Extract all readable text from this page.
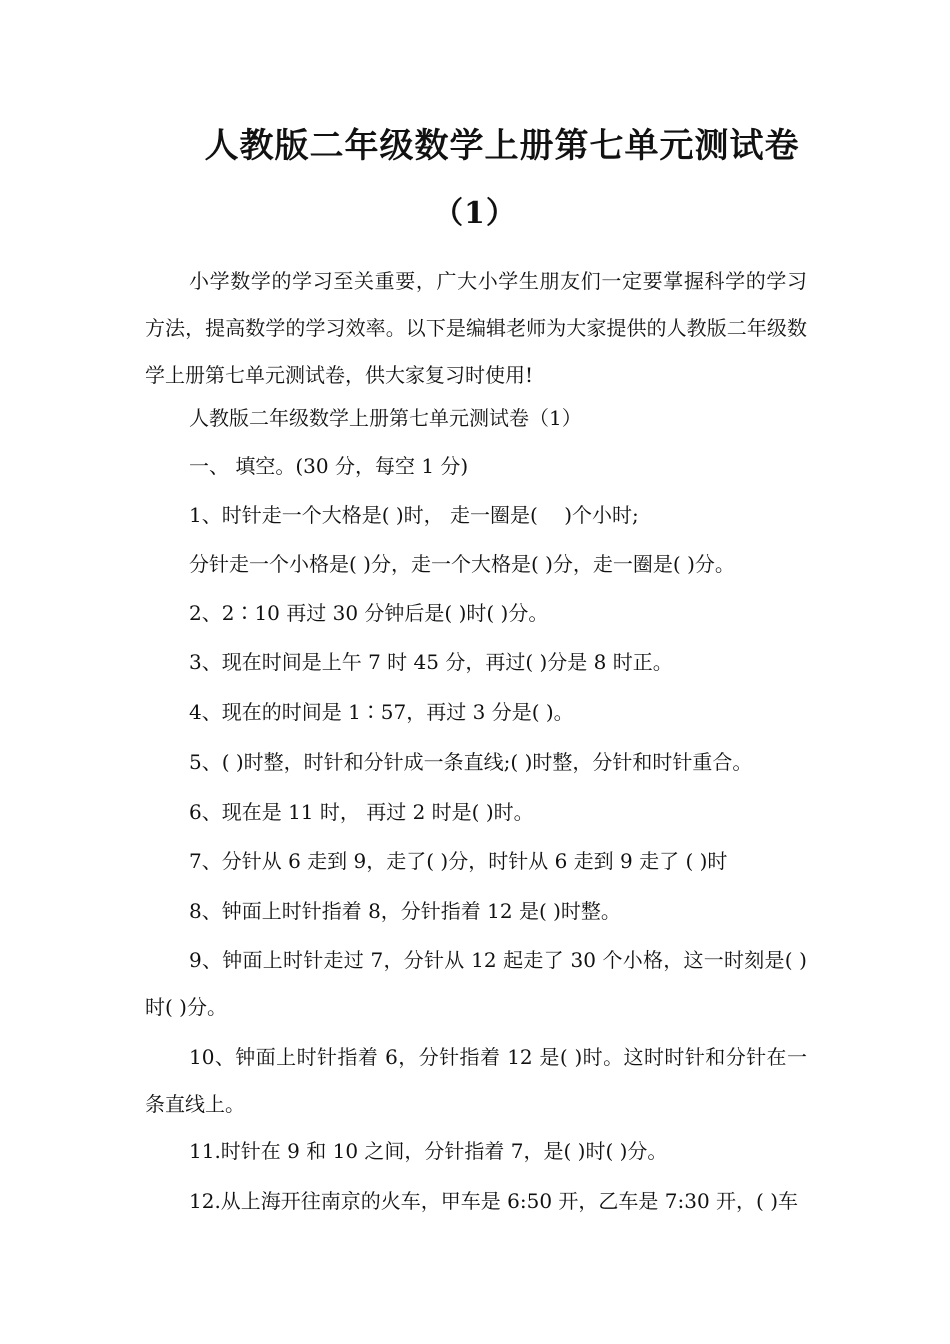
人教版二年级数学上册第七单元测试卷
（1）

小学数学的学习至关重要，广大小学生朋友们一定要掌握科学的学习方法，提高数学的学习效率。以下是编辑老师为大家提供的人教版二年级数学上册第七单元测试卷，供大家复习时使用!

人教版二年级数学上册第七单元测试卷（1）

一、 填空。(30 分，每空 1 分)

1、时针走一个大格是( )时， 走一圈是(　 )个小时;

分针走一个小格是( )分，走一个大格是( )分，走一圈是( )分。

2、2∶10 再过 30 分钟后是( )时( )分。

3、现在时间是上午 7 时 45 分，再过( )分是 8 时正。

4、现在的时间是 1∶57，再过 3 分是( )。

5、( )时整，时针和分针成一条直线;( )时整，分针和时针重合。

6、现在是 11 时， 再过 2 时是( )时。

7、分针从 6 走到 9，走了( )分，时针从 6 走到 9 走了 ( )时

8、钟面上时针指着 8，分针指着 12 是( )时整。

9、钟面上时针走过 7，分针从 12 起走了 30 个小格，这一时刻是( )时( )分。

10、钟面上时针指着 6，分针指着 12 是( )时。这时时针和分针在一条直线上。

11.时针在 9 和 10 之间，分针指着 7，是( )时( )分。

12.从上海开往南京的火车，甲车是 6:50 开，乙车是 7:30 开，( )车
